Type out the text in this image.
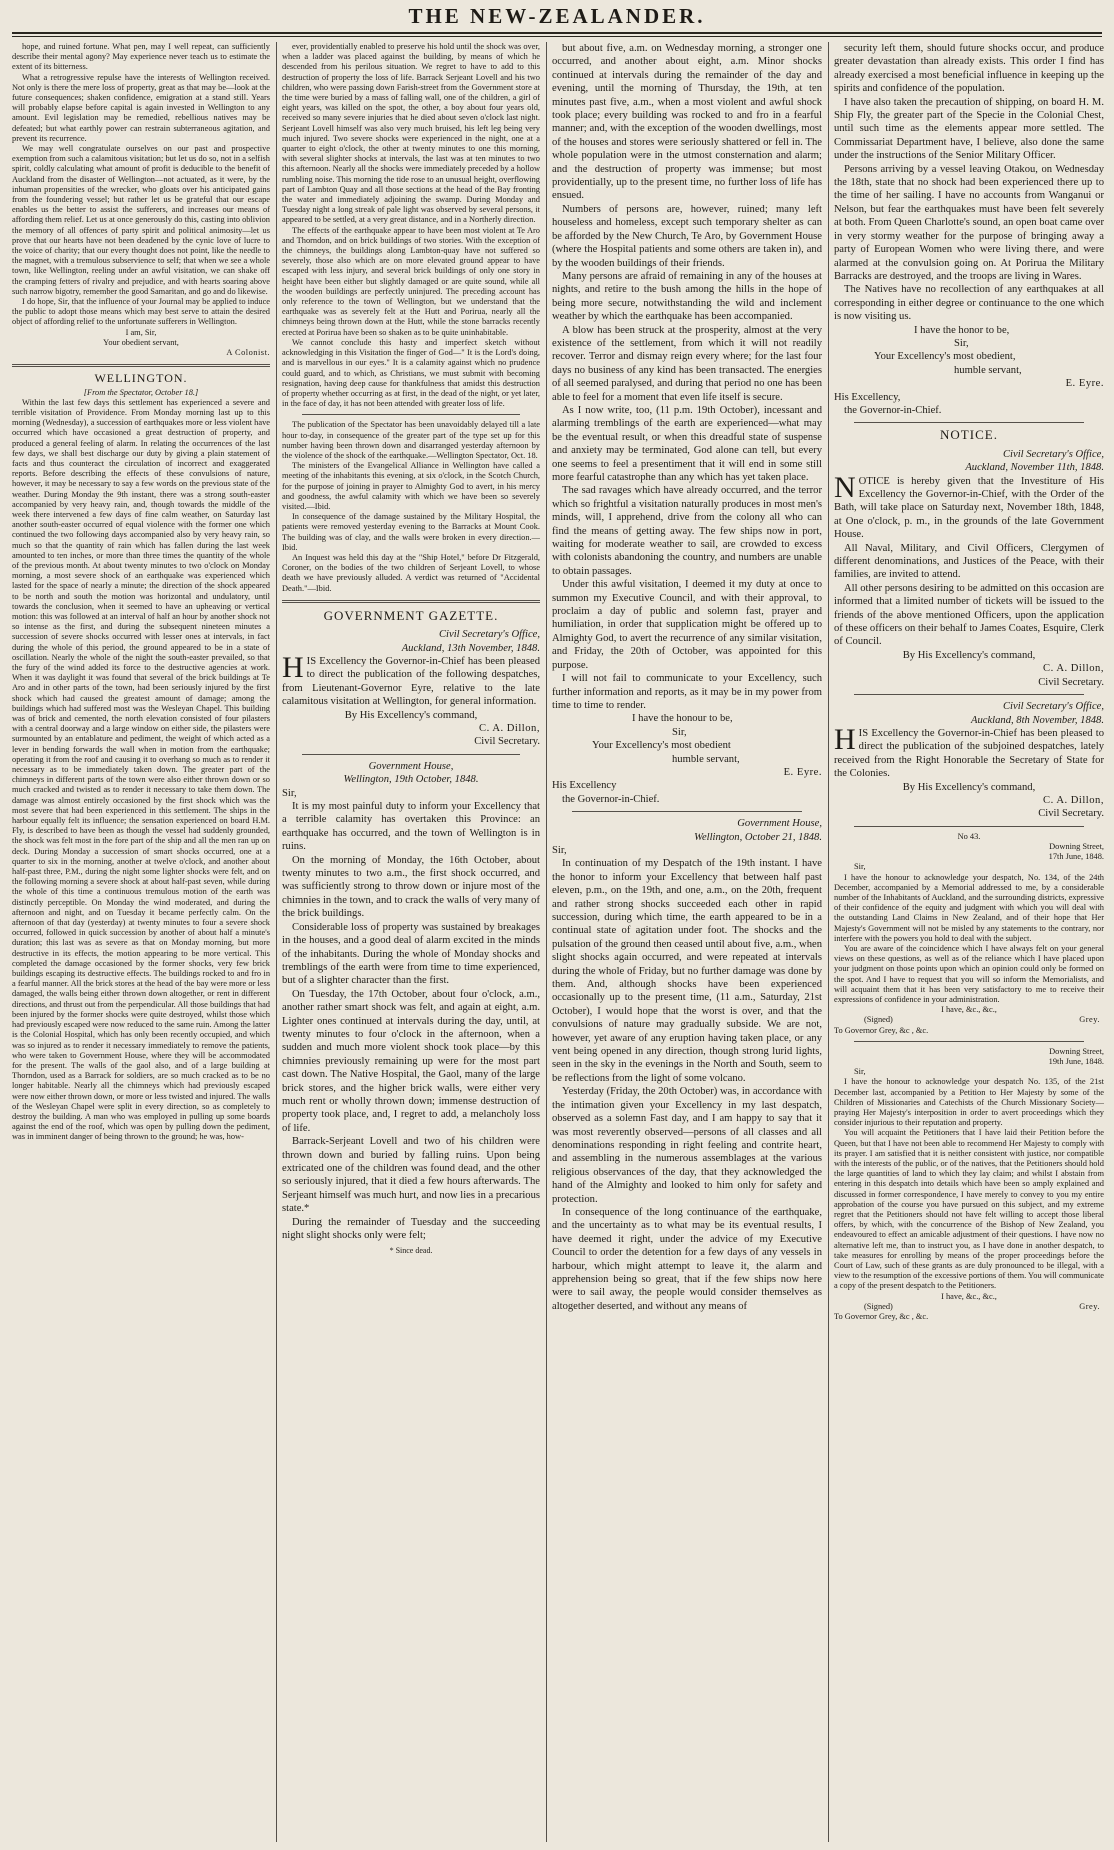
THE NEW-ZEALANDER.

hope, and ruined fortune. What pen, may I well repeat, can sufficiently describe their mental agony? May experience never teach us to estimate the extent of its bitterness.

What a retrogressive repulse have the interests of Wellington received. Not only is there the mere loss of property, great as that may be—look at the future consequences; shaken confidence, emigration at a stand still. Years will probably elapse before capital is again invested in Wellington to any amount. Evil legislation may be remedied, rebellious natives may be defeated; but what earthly power can restrain subterraneous agitation, and prevent its recurrence.

We may well congratulate ourselves on our past and prospective exemption from such a calamitous visitation; but let us do so, not in a selfish spirit, coldly calculating what amount of profit is deducible to the benefit of Auckland from the disaster of Wellington—not actuated, as it were, by the inhuman propensities of the wrecker, who gloats over his anticipated gains from the foundering vessel; but rather let us be grateful that our escape enables us the better to assist the sufferers, and increases our means of affording them relief. Let us at once generously do this, casting into oblivion the memory of all offences of party spirit and political animosity—let us prove that our hearts have not been deadened by the cynic love of lucre to the voice of charity; that our every thought does not point, like the needle to the magnet, with a tremulous subservience to self; that when we see a whole town, like Wellington, reeling under an awful visitation, we can shake off the cramping fetters of rivalry and prejudice, and with hearts soaring above such narrow bigotry, remember the good Samaritan, and go and do likewise.

I do hope, Sir, that the influence of your Journal may be applied to induce the public to adopt those means which may best serve to attain the desired object of affording relief to the unfortunate sufferers in Wellington.

I am, Sir,

Your obedient servant,

A Colonist.

WELLINGTON.

[From the Spectator, October 18.]

Within the last few days this settlement has experienced a severe and terrible visitation of Providence. From Monday morning last up to this morning (Wednesday), a succession of earthquakes more or less violent have occurred which have occasioned a great destruction of property, and produced a general feeling of alarm. In relating the occurrences of the last few days, we shall best discharge our duty by giving a plain statement of facts and thus counteract the circulation of incorrect and exaggerated reports. Before describing the effects of these convulsions of nature, however, it may be necessary to say a few words on the previous state of the weather. During Monday the 9th instant, there was a strong south-easter accompanied by very heavy rain, and, though towards the middle of the week there intervened a few days of fine calm weather, on Saturday last another south-easter occurred of equal violence with the former one which continued the two following days accompanied also by very heavy rain, so much so that the quantity of rain which has fallen during the last week amounted to ten inches, or more than three times the quantity of the whole of the previous month. At about twenty minutes to two o'clock on Monday morning, a most severe shock of an earthquake was experienced which lasted for the space of nearly a minute; the direction of the shock appeared to be north and south the motion was horizontal and undulatory, until towards the conclusion, when it seemed to have an upheaving or vertical motion: this was followed at an interval of half an hour by another shock not so intense as the first, and during the subsequent nineteen minutes a succession of severe shocks occurred with lesser ones at intervals, in fact during the whole of this period, the ground appeared to be in a state of oscillation. Nearly the whole of the night the south-easter prevailed, so that the fury of the wind added its force to the destructive agencies at work. When it was daylight it was found that several of the brick buildings at Te Aro and in other parts of the town, had been seriously injured by the first shock which had caused the greatest amount of damage; among the buildings which had suffered most was the Wesleyan Chapel. This building was of brick and cemented, the north elevation consisted of four pilasters with a central doorway and a large window on either side, the pilasters were surmounted by an entablature and pediment, the weight of which acted as a lever in bending forwards the wall when in motion from the earthquake; operating it from the roof and causing it to overhang so much as to render it necessary as to be immediately taken down. The greater part of the chimneys in different parts of the town were also either thrown down or so much cracked and twisted as to render it necessary to take them down. The damage was almost entirely occasioned by the first shock which was the most severe that had been experienced in this settlement. The ships in the harbour equally felt its influence; the sensation experienced on board H.M. Fly, is described to have been as though the vessel had suddenly grounded, the shock was felt most in the fore part of the ship and all the men ran up on deck. During Monday a succession of smart shocks occurred, one at a quarter to six in the morning, another at twelve o'clock, and another about half-past three, P.M., during the night some lighter shocks were felt, and on the following morning a severe shock at about half-past seven, while during the whole of this time a continuous tremulous motion of the earth was distinctly perceptible. On Monday the wind moderated, and during the afternoon and night, and on Tuesday it became perfectly calm. On the afternoon of that day (yesterday) at twenty minutes to four a severe shock occurred, followed in quick succession by another of about half a minute's duration; this last was as severe as that on Monday morning, but more destructive in its effects, the motion appearing to be more vertical. This completed the damage occasioned by the former shocks, very few brick buildings escaping its destructive effects. The buildings rocked to and fro in a fearful manner. All the brick stores at the head of the bay were more or less damaged, the walls being either thrown down altogether, or rent in different directions, and thrust out from the perpendicular. All those buildings that had been injured by the former shocks were quite destroyed, whilst those which had previously escaped were now reduced to the same ruin. Among the latter is the Colonial Hospital, which has only been recently occupied, and which was so injured as to render it necessary immediately to remove the patients, who were taken to Government House, where they will be accommodated for the present. The walls of the gaol also, and of a large building at Thorndon, used as a Barrack for soldiers, are so much cracked as to be no longer habitable. Nearly all the chimneys which had previously escaped were now either thrown down, or more or less twisted and injured. The walls of the Wesleyan Chapel were split in every direction, so as completely to destroy the building. A man who was employed in pulling up some boards against the end of the roof, which was open by pulling down the pediment, was in imminent danger of being thrown to the ground; he was, how-

ever, providentially enabled to preserve his hold until the shock was over, when a ladder was placed against the building, by means of which he descended from his perilous situation. We regret to have to add to this destruction of property the loss of life. Barrack Serjeant Lovell and his two children, who were passing down Farish-street from the Government store at the time were buried by a mass of falling wall, one of the children, a girl of eight years, was killed on the spot, the other, a boy about four years old, received so many severe injuries that he died about seven o'clock last night. Serjeant Lovell himself was also very much bruised, his left leg being very much injured. Two severe shocks were experienced in the night, one at a quarter to eight o'clock, the other at twenty minutes to one this morning, with several slighter shocks at intervals, the last was at ten minutes to two this afternoon. Nearly all the shocks were immediately preceded by a hollow rumbling noise. This morning the tide rose to an unusual height, overflowing part of Lambton Quay and all those sections at the head of the Bay fronting the water and immediately adjoining the swamp. During Monday and Tuesday night a long streak of pale light was observed by several persons, it appeared to be settled, at a very great distance, and in a Northerly direction.

The effects of the earthquake appear to have been most violent at Te Aro and Thorndon, and on brick buildings of two stories. With the exception of the chimneys, the buildings along Lambton-quay have not suffered so severely, those also which are on more elevated ground appear to have escaped with less injury, and several brick buildings of only one story in height have been either but slightly damaged or are quite sound, while all the wooden buildings are perfectly uninjured. The preceding account has only reference to the town of Wellington, but we understand that the earthquake was as severely felt at the Hutt and Porirua, nearly all the chimneys being thrown down at the Hutt, while the stone barracks recently erected at Porirua have been so shaken as to be quite uninhabitable.

We cannot conclude this hasty and imperfect sketch without acknowledging in this Visitation the finger of God—" It is the Lord's doing, and is marvellous in our eyes." It is a calamity against which no prudence could guard, and to which, as Christians, we must submit with becoming resignation, having deep cause for thankfulness that amidst this destruction of property whether occurring as at first, in the dead of the night, or yet later, in the face of day, it has not been attended with greater loss of life.

The publication of the Spectator has been unavoidably delayed till a late hour to-day, in consequence of the greater part of the type set up for this number having been thrown down and disarranged yesterday afternoon by the violence of the shock of the earthquake.—Wellington Spectator, Oct. 18.

The ministers of the Evangelical Alliance in Wellington have called a meeting of the inhabitants this evening, at six o'clock, in the Scotch Church, for the purpose of joining in prayer to Almighty God to avert, in his mercy and goodness, the awful calamity with which we have been so severely visited.—Ibid.

In consequence of the damage sustained by the Military Hospital, the patients were removed yesterday evening to the Barracks at Mount Cook. The building was of clay, and the walls were broken in every direction.—Ibid.

An Inquest was held this day at the "Ship Hotel," before Dr Fitzgerald, Coroner, on the bodies of the two children of Serjeant Lovell, to whose death we have previously alluded. A verdict was returned of "Accidental Death."—Ibid.

GOVERNMENT GAZETTE.

Civil Secretary's Office,

Auckland, 13th November, 1848.

HIS Excellency the Governor-in-Chief has been pleased to direct the publication of the following despatches, from Lieutenant-Governor Eyre, relative to the late calamitous visitation at Wellington, for general information.

By His Excellency's command,

C. A. Dillon,

Civil Secretary.

Government House,

Wellington, 19th October, 1848.

Sir,

It is my most painful duty to inform your Excellency that a terrible calamity has overtaken this Province: an earthquake has occurred, and the town of Wellington is in ruins.

On the morning of Monday, the 16th October, about twenty minutes to two a.m., the first shock occurred, and was sufficiently strong to throw down or injure most of the chimnies in the town, and to crack the walls of very many of the brick buildings.

Considerable loss of property was sustained by breakages in the houses, and a good deal of alarm excited in the minds of the inhabitants. During the whole of Monday shocks and tremblings of the earth were from time to time experienced, but of a slighter character than the first.

On Tuesday, the 17th October, about four o'clock, a.m., another rather smart shock was felt, and again at eight, a.m. Lighter ones continued at intervals during the day, until, at twenty minutes to four o'clock in the afternoon, when a sudden and much more violent shock took place—by this chimnies previously remaining up were for the most part cast down. The Native Hospital, the Gaol, many of the large brick stores, and the higher brick walls, were either very much rent or wholly thrown down; immense destruction of property took place, and, I regret to add, a melancholy loss of life.

Barrack-Serjeant Lovell and two of his children were thrown down and buried by falling ruins. Upon being extricated one of the children was found dead, and the other so seriously injured, that it died a few hours afterwards. The Serjeant himself was much hurt, and now lies in a precarious state.*

During the remainder of Tuesday and the succeeding night slight shocks only were felt;

* Since dead.

but about five, a.m. on Wednesday morning, a stronger one occurred, and another about eight, a.m. Minor shocks continued at intervals during the remainder of the day and evening, until the morning of Thursday, the 19th, at ten minutes past five, a.m., when a most violent and awful shock took place; every building was rocked to and fro in a fearful manner; and, with the exception of the wooden dwellings, most of the houses and stores were seriously shattered or fell in. The whole population were in the utmost consternation and alarm; and the destruction of property was immense; but most providentially, up to the present time, no further loss of life has ensued.

Numbers of persons are, however, ruined; many left houseless and homeless, except such temporary shelter as can be afforded by the New Church, Te Aro, by Government House (where the Hospital patients and some others are taken in), and by the wooden buildings of their friends.

Many persons are afraid of remaining in any of the houses at nights, and retire to the bush among the hills in the hope of being more secure, notwithstanding the wild and inclement weather by which the earthquake has been accompanied.

A blow has been struck at the prosperity, almost at the very existence of the settlement, from which it will not readily recover. Terror and dismay reign every where; for the last four days no business of any kind has been transacted. The energies of all seemed paralysed, and during that period no one has been able to feel for a moment that even life itself is secure.

As I now write, too, (11 p.m. 19th October), incessant and alarming tremblings of the earth are experienced—what may be the eventual result, or when this dreadful state of suspense and anxiety may be terminated, God alone can tell, but every one seems to feel a presentiment that it will end in some still more fearful catastrophe than any which has yet taken place.

The sad ravages which have already occurred, and the terror which so frightful a visitation naturally produces in most men's minds, will, I apprehend, drive from the colony all who can find the means of getting away. The few ships now in port, waiting for moderate weather to sail, are crowded to excess with colonists abandoning the country, and numbers are unable to obtain passages.

Under this awful visitation, I deemed it my duty at once to summon my Executive Council, and with their approval, to proclaim a day of public and solemn fast, prayer and humiliation, in order that supplication might be offered up to Almighty God, to avert the recurrence of any similar visitation, and Friday, the 20th of October, was appointed for this purpose.

I will not fail to communicate to your Excellency, such further information and reports, as it may be in my power from time to time to render.

I have the honour to be,

Sir,

Your Excellency's most obedient

humble servant,

E. Eyre.

His Excellency

the Governor-in-Chief.

Government House,

Wellington, October 21, 1848.

Sir,

In continuation of my Despatch of the 19th instant. I have the honor to inform your Excellency that between half past eleven, p.m., on the 19th, and one, a.m., on the 20th, frequent and rather strong shocks succeeded each other in rapid succession, during which time, the earth appeared to be in a continual state of agitation under foot. The shocks and the pulsation of the ground then ceased until about five, a.m., when slight shocks again occurred, and were repeated at intervals during the whole of Friday, but no further damage was done by them. And, although shocks have been experienced occasionally up to the present time, (11 a.m., Saturday, 21st October), I would hope that the worst is over, and that the convulsions of nature may gradually subside. We are not, however, yet aware of any eruption having taken place, or any vent being opened in any direction, though strong lurid lights, seen in the sky in the evenings in the North and South, seem to be reflections from the light of some volcano.

Yesterday (Friday, the 20th October) was, in accordance with the intimation given your Excellency in my last despatch, observed as a solemn Fast day, and I am happy to say that it was most reverently observed—persons of all classes and all denominations responding in right feeling and contrite heart, and assembling in the numerous assemblages at the various religious observances of the day, that they acknowledged the hand of the Almighty and looked to him only for safety and protection.

In consequence of the long continuance of the earthquake, and the uncertainty as to what may be its eventual results, I have deemed it right, under the advice of my Executive Council to order the detention for a few days of any vessels in harbour, which might attempt to leave it, the alarm and apprehension being so great, that if the few ships now here were to sail away, the people would consider themselves as altogether deserted, and without any means of

security left them, should future shocks occur, and produce greater devastation than already exists. This order I find has already exercised a most beneficial influence in keeping up the spirits and confidence of the population.

I have also taken the precaution of shipping, on board H. M. Ship Fly, the greater part of the Specie in the Colonial Chest, until such time as the elements appear more settled. The Commissariat Department have, I believe, also done the same under the instructions of the Senior Military Officer.

Persons arriving by a vessel leaving Otakou, on Wednesday the 18th, state that no shock had been experienced there up to the time of her sailing. I have no accounts from Wanganui or Nelson, but fear the earthquakes must have been felt severely at both. From Queen Charlotte's sound, an open boat came over in very stormy weather for the purpose of bringing away a party of European Women who were living there, and were alarmed at the convulsion going on. At Porirua the Military Barracks are destroyed, and the troops are living in Wares.

The Natives have no recollection of any earthquakes at all corresponding in either degree or continuance to the one which is now visiting us.

I have the honor to be,

Sir,

Your Excellency's most obedient,

humble servant,

E. Eyre.

His Excellency,

the Governor-in-Chief.

NOTICE.

Civil Secretary's Office,

Auckland, November 11th, 1848.

NOTICE is hereby given that the Investiture of His Excellency the Governor-in-Chief, with the Order of the Bath, will take place on Saturday next, November 18th, 1848, at One o'clock, p. m., in the grounds of the late Government House.

All Naval, Military, and Civil Officers, Clergymen of different denominations, and Justices of the Peace, with their families, are invited to attend.

All other persons desiring to be admitted on this occasion are informed that a limited number of tickets will be issued to the friends of the above mentioned Officers, upon the application of these officers on their behalf to James Coates, Esquire, Clerk of Council.

By His Excellency's command,

C. A. Dillon,

Civil Secretary.

Civil Secretary's Office,

Auckland, 8th November, 1848.

HIS Excellency the Governor-in-Chief has been pleased to direct the publication of the subjoined despatches, lately received from the Right Honorable the Secretary of State for the Colonies.

By His Excellency's command,

C. A. Dillon,

Civil Secretary.

No 43.

Downing Street,

17th June, 1848.

Sir,

I have the honour to acknowledge your despatch, No. 134, of the 24th December, accompanied by a Memorial addressed to me, by a considerable number of the Inhabitants of Auckland, and the surrounding districts, expressive of their confidence of the equity and judgment with which you will deal with the outstanding Land Claims in New Zealand, and of their hope that Her Majesty's Government will not be misled by any statements to the contrary, nor interfere with the powers you hold to deal with the subject.

You are aware of the coincidence which I have always felt on your general views on these questions, as well as of the reliance which I have placed upon your judgment on those points upon which an opinion could only be formed on the spot. And I have to request that you will so inform the Memorialists, and will acquaint them that it has been very satisfactory to me to receive their expressions of confidence in your administration.

I have, &c., &c.,

(Signed)	Grey.

To Governor Grey, &c , &c.

Downing Street,

19th June, 1848.

Sir,

I have the honour to acknowledge your despatch No. 135, of the 21st December last, accompanied by a Petition to Her Majesty by some of the Children of Missionaries and Catechists of the Church Missionary Society—praying Her Majesty's interposition in order to avert proceedings which they consider injurious to their reputation and property.

You will acquaint the Petitioners that I have laid their Petition before the Queen, but that I have not been able to recommend Her Majesty to comply with its prayer. I am satisfied that it is neither consistent with justice, nor compatible with the interests of the public, or of the natives, that the Petitioners should hold the large quantities of land to which they lay claim; and whilst I abstain from entering in this despatch into details which have been so amply explained and discussed in former correspondence, I have merely to convey to you my entire approbation of the course you have pursued on this subject, and my extreme regret that the Petitioners should not have felt willing to accept those liberal offers, by which, with the concurrence of the Bishop of New Zealand, you endeavoured to effect an amicable adjustment of their questions. I have now no alternative left me, than to instruct you, as I have done in another despatch, to take measures for enrolling by means of the proper proceedings before the Court of Law, such of these grants as are duly pronounced to be illegal, with a view to the resumption of the excessive portions of them. You will communicate a copy of the present despatch to the Petitioners.

I have, &c., &c.,

(Signed)	Grey.

To Governor Grey, &c , &c.
